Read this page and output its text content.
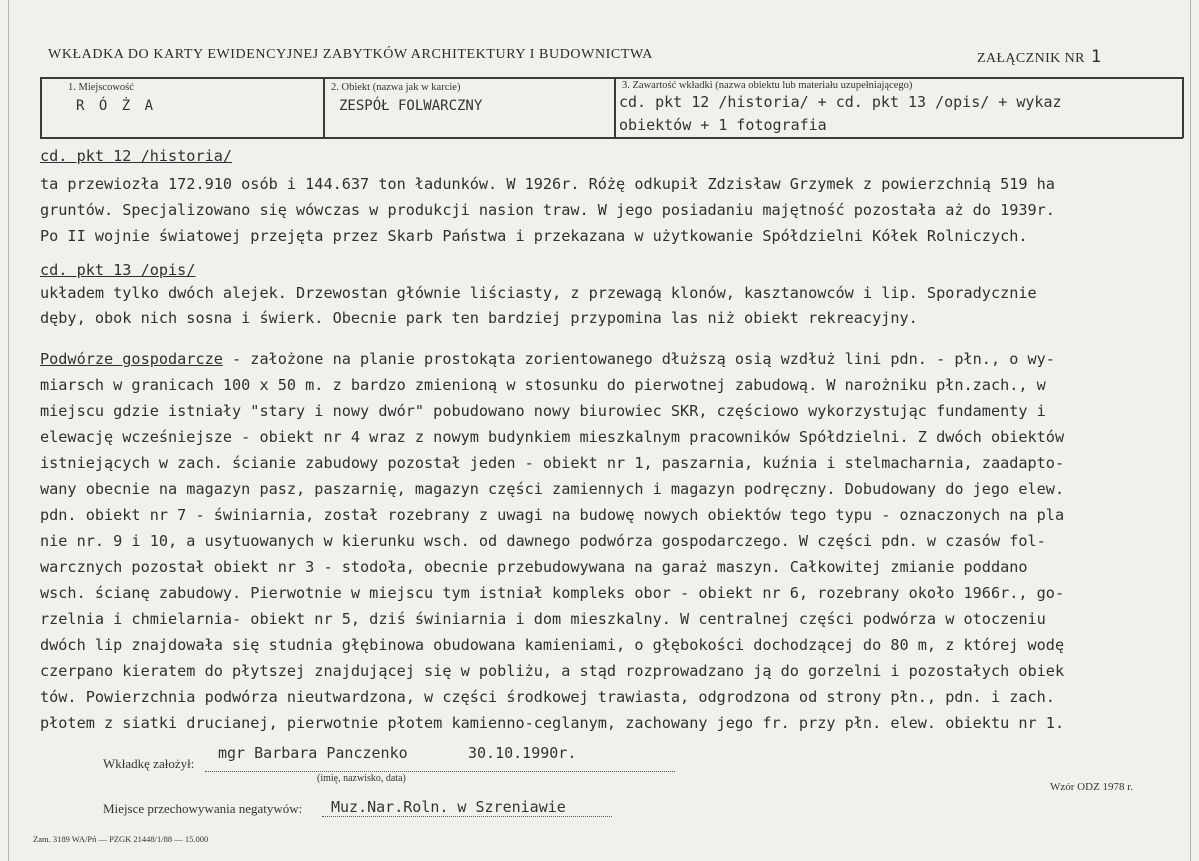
WKŁADKA DO KARTY EWIDENCYJNEJ ZABYTKÓW ARCHITEKTURY I BUDOWNICTWA	ZAŁĄCZNIK NR 1
1. Miejscowość
R Ó Ż A
2. Obiekt (nazwa jak w karcie)
ZESPÓŁ FOLWARCZNY
3. Zawartość wkładki (nazwa obiektu lub materiału uzupełniającego)
cd. pkt 12 /historia/ + cd. pkt 13 /opis/ + wykaz
obiektów + 1 fotografia
cd. pkt 12 /historia/
ta przewiozła 172.910 osób i 144.637 ton ładunków. W 1926r. Różę odkupił Zdzisław Grzymek z powierzchnią 519 ha
gruntów. Specjalizowano się wówczas w produkcji nasion traw. W jego posiadaniu majętność pozostała aż do 1939r.
Po II wojnie światowej przejęta przez Skarb Państwa i przekazana w użytkowanie Spółdzielni Kółek Rolniczych.
cd. pkt 13 /opis/
układem tylko dwóch alejek. Drzewostan głównie liściasty, z przewagą klonów, kasztanowców i lip. Sporadycznie
dęby, obok nich sosna i świerk. Obecnie park ten bardziej przypomina las niż obiekt rekreacyjny.
Podwórze gospodarcze - założone na planie prostokąta zorientowanego dłuższą osią wzdłuż lini pdn. - płn., o wy-
miarsch w granicach 100 x 50 m. z bardzo zmienioną w stosunku do pierwotnej zabudową. W narożniku płn.zach., w
miejscu gdzie istniały "stary i nowy dwór" pobudowano nowy biurowiec SKR, częściowo wykorzystując fundamenty i
elewację wcześniejsze - obiekt nr 4 wraz z nowym budynkiem mieszkalnym pracowników Spółdzielni. Z dwóch obiektów
istniejących w zach. ścianie zabudowy pozostał jeden - obiekt nr 1, paszarnia, kuźnia i stelmacharnia, zaadapto-
wany obecnie na magazyn pasz, paszarnię, magazyn części zamiennych i magazyn podręczny. Dobudowany do jego elew.
pdn. obiekt nr 7 - świniarnia, został rozebrany z uwagi na budowę nowych obiektów tego typu - oznaczonych na pla
nie nr. 9 i 10, a usytuowanych w kierunku wsch. od dawnego podwórza gospodarczego. W części pdn. w czasów fol-
warcznych pozostał obiekt nr 3 - stodoła, obecnie przebudowywana na garaż maszyn. Całkowitej zmianie poddano
wsch. ścianę zabudowy. Pierwotnie w miejscu tym istniał kompleks obor - obiekt nr 6, rozebrany około 1966r., go-
rzelnia i chmielarnia- obiekt nr 5, dziś świniarnia i dom mieszkalny. W centralnej części podwórza w otoczeniu
dwóch lip znajdowała się studnia głębinowa obudowana kamieniami, o głębokości dochodzącej do 80 m, z której wodę
czerpano kieratem do płytszej znajdującej się w pobliżu, a stąd rozprowadzano ją do gorzelni i pozostałych obiek
tów. Powierzchnia podwórza nieutwardzona, w części środkowej trawiasta, odgrodzona od strony płn., pdn. i zach.
płotem z siatki drucianej, pierwotnie płotem kamienno-ceglanym, zachowany jego fr. przy płn. elew. obiektu nr 1.
Wkładkę założył:
mgr Barbara Panczenko	30.10.1990r.
(imię, nazwisko, data)
Wzór ODZ 1978 r.
Miejsce przechowywania negatywów: Muz.Nar.Roln. w Szreniawie
Zam. 3189 WA/Pń — PZGK 21448/1/88 — 15.000
